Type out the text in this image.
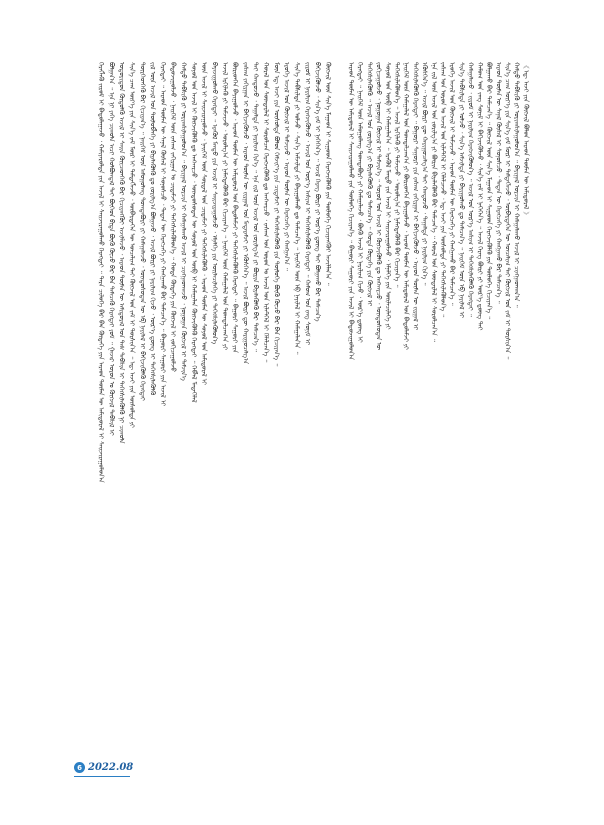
ᠬᠡᠷᠡᠭᠯᠡᠬᠦ ᠵᠢᠷᠤᠮ ᠢ ᠪᠠᠲᠤᠯᠠᠭᠠᠵᠤ ᠂ ᠬᠠᠮᠢᠶᠠᠷᠤᠯᠲᠠ ᠶᠢᠨ ᠠᠵᠢᠯ ᠢ ᠰᠠᠢᠵᠢᠷᠠᠭᠤᠯᠬᠤ ᠬᠡᠷᠡᠭᠲᠡᠢ ᠃ ᠲᠡᠷᠡ ᠴᠢᠯᠦᠭᠡ ᠪᠡᠷ ᠪᠡᠨ ᠬᠦᠳᠡᠭᠡ ᠶᠢᠨ ᠠᠷᠠᠳ ᠲᠦᠮᠡᠨ ᠦ ᠠᠮᠢᠳᠤᠷᠠᠯ ᠢ ᠰᠠᠢᠵᠢᠷᠠᠭᠤᠯᠤᠨ᠎ᠠ ᠪᠣᠯᠭᠠᠨ᠎ᠠ ᠃ ᠡᠨᠡ ᠨᠢ ᠶᠡᠬᠡ ᠴᠢᠬᠤᠯᠠ ᠠᠴᠢ ᠬᠣᠯᠪᠣᠭᠳᠠᠯ ᠲᠠᠢ ᠪᠥᠭᠡᠳ ᠪᠢᠳᠡ ᠪᠦᠬᠦ ᠬᠦᠴᠦ ᠪᠡᠷ ᠪᠡᠨ ᠲᠡᠮᠡᠴᠡᠬᠦ ᠬᠡᠷᠡᠭᠲᠡᠢ ᠶᠤᠮ ᠃ ᠭᠠᠵᠠᠷ ᠤᠷᠤᠨ ᠤ ᠬᠥᠭᠵᠢᠯ ᠳᠡᠪᠰᠢᠯ ᠢ ᠤᠳᠤᠷᠢᠳᠤᠨ ᠬᠥᠲᠦᠯᠬᠦ ᠠᠵᠢᠯ ᠢ ᠰᠠᠢᠨ ᠭᠦᠢᠴᠡᠳᠭᠡᠬᠦ ᠪᠡᠷ ᠬᠢᠴᠢᠶᠡᠩᠭᠦᠢ ᠠᠵᠢᠯᠯᠠᠵᠤ ᠂ ᠠᠷᠠᠳ ᠲᠦᠮᠡᠨ ᠦ ᠠᠮᠢᠳᠤᠷᠠᠯ ᠤᠨ ᠳᠡᠰ ᠲᠡᠪᠰᠢᠨ ᠢ ᠳᠡᠭᠡᠭᠰᠢᠯᠡᠭᠦᠯᠬᠦ ᠨᠢ ᠴᠢᠬᠤᠯᠠ ᠰᠢᠨ᠎ᠡ ᠴᠠᠭ ᠦᠶ᠎ᠡ ᠶᠢᠨ ᠰᠢᠨ᠎ᠡ ᠵᠠᠮ ᠮᠦᠷ ᠢ ᠲᠡᠮᠳᠡᠭᠯᠡᠵᠦ ᠂ ᠥᠪᠡᠷᠲᠡᠭᠡᠨ ᠦ ᠣᠨᠴᠠᠯᠢᠭ ᠲᠠᠢ ᠬᠥᠭᠵᠢᠯ ᠤᠨ ᠵᠠᠮ ᠢ ᠲᠤᠷᠰᠢᠨ᠎ᠠ ᠃ ᠡᠳ᠋ ᠠᠵᠢ ᠶᠢᠨ ᠥᠰᠦᠯᠲᠡ ᠶᠢ ᠲᠦᠷᠭᠡᠳᠬᠡᠬᠦ ᠪᠡᠷ ᠬᠢᠴᠢᠶᠡᠨ᠎ᠡ ᠃ ᠨᠡᠢᠭᠡᠮ ᠦᠨ ᠠᠮᠤᠭᠤᠯᠠᠩ ᠲᠣᠭᠲᠠᠪᠤᠷᠢ ᠶᠢ ᠬᠠᠮᠠᠭᠠᠯᠠᠵᠤ ᠂ ᠦᠨᠳᠦᠰᠦᠲᠡᠨ ᠦ ᠡᠪ ᠨᠡᠶᠢᠯᠡᠯ ᠢ ᠪᠡᠬᠢᠵᠢᠭᠦᠯᠬᠦ ᠬᠡᠷᠡᠭᠲᠡᠢ ᠵᠢᠯ ᠦᠨ ᠠᠵᠢᠯ ᠤᠨ ᠲᠥᠯᠥᠪᠯᠡᠭᠡ ᠶᠢ ᠪᠢᠶᠡᠯᠡᠭᠦᠯᠬᠦ ᠳᠤ ᠵᠣᠷᠢᠯᠭ᠎ᠠ ᠪᠣᠯᠭᠠᠵᠤ ᠂ ᠠᠵᠢᠯ ᠪᠦᠷᠢ ᠶᠢ ᠨᠠᠷᠢᠯᠢᠭ ᠬᠢᠵᠦ ᠂ ᠦᠷ᠎ᠡ ᠳ᠋ᠦᠩ ᠢ ᠳᠡᠭᠡᠭᠰᠢᠯᠡᠭᠦᠯᠬᠦ ᠬᠡᠷᠡᠭᠲᠡᠢ ᠃ ᠠᠷᠠᠳ ᠲᠦᠮᠡᠨ ᠦ ᠰᠠᠨᠠᠯ ᠬᠦᠰᠡᠯ ᠢ ᠰᠣᠨᠣᠰᠴᠤ ᠂ ᠲᠡᠳᠡᠨ ᠦ ᠬᠡᠷᠡᠭᠴᠡᠭᠡ ᠶᠢ ᠬᠠᠩᠭᠠᠬᠤ ᠪᠡᠷ ᠲᠡᠮᠡᠴᠡᠨ᠎ᠡ ᠃ ᠪᠠᠭᠤᠷᠢ ᠰᠠᠭᠤᠷᠢ ᠶᠢᠨ ᠠᠵᠢᠯ ᠢ ᠪᠠᠲᠤᠵᠢᠭᠤᠯᠵᠤ ᠂ ᠨᠡᠢᠭᠡᠮ ᠦᠨ ᠵᠠᠰᠠᠭ ᠵᠠᠬᠢᠷᠭᠠᠨ ᠤ ᠴᠢᠳᠠᠮᠵᠢ ᠶᠢ ᠳᠡᠭᠡᠭᠰᠢᠯᠡᠭᠦᠯᠦᠨ᠎ᠡ ᠃ ᠬᠣᠲᠠ ᠬᠥᠳᠡᠭᠡ ᠶᠢᠨ ᠬᠥᠭᠵᠢᠯ ᠢ ᠵᠣᠬᠢᠴᠠᠭᠤᠯᠵᠤ ᠬᠠᠮᠲᠤ ᠳᠡᠪᠰᠢᠬᠦ ᠶᠢ ᠤᠷᠢᠭᠰᠢᠯᠠᠭᠤᠯᠤᠨ᠎ᠠ ᠃ ᠪᠠᠶᠢᠭᠠᠯ ᠣᠷᠴᠢᠨ ᠢ ᠬᠠᠮᠠᠭᠠᠯᠠᠬᠤ ᠠᠵᠢᠯ ᠢ ᠴᠢᠩᠭᠠᠳᠬᠠᠵᠤ ᠂ ᠨᠣᠭᠣᠭᠠᠨ ᠬᠥᠭᠵᠢᠯ ᠢ ᠳᠡᠮᠵᠢᠨ᠎ᠡ ᠰᠣᠶᠣᠯ ᠤᠨ ᠠᠵᠢᠯ ᠢ ᠬᠥᠭᠵᠢᠭᠦᠯᠬᠦ ᠳᠤ ᠠᠩᠬᠠᠷᠴᠤ ᠂ ᠦᠨᠳᠦᠰᠦᠲᠡᠨ ᠦ ᠰᠣᠶᠣᠯ ᠤᠨ ᠥᠪ ᠢ ᠬᠠᠮᠠᠭᠠᠯᠠᠨ ᠬᠥᠭᠵᠢᠭᠦᠯᠬᠦ ᠬᠡᠷᠡᠭᠲᠡᠢ ᠃ ᠬᠡᠪᠯᠡᠯ ᠮᠡᠳᠡᠭᠡᠯᠡᠯ ᠦᠨ ᠠᠵᠢᠯ ᠢ ᠰᠠᠢᠵᠢᠷᠠᠭᠤᠯᠵᠤ ᠂ ᠨᠡᠢᠭᠡᠮ ᠦᠨ ᠰᠤᠷᠲᠠᠯ ᠤᠨ ᠴᠢᠳᠠᠮᠵᠢ ᠶᠢ ᠳᠡᠭᠡᠭᠰᠢᠯᠡᠭᠦᠯᠬᠦ ᠂ ᠠᠷᠠᠳ ᠲᠦᠮᠡᠨ ᠦ ᠰᠣᠶᠣᠯ ᠤᠨ ᠠᠮᠢᠳᠤᠷᠠᠯ ᠢ ᠪᠠᠶᠠᠵᠢᠭᠤᠯᠬᠤ ᠬᠡᠷᠡᠭᠲᠡᠢ ᠃ ᠡᠷᠡᠭᠦᠯ ᠮᠡᠨᠳᠦ ᠶᠢᠨ ᠠᠵᠢᠯ ᠢ ᠰᠠᠢᠵᠢᠷᠠᠭᠤᠯᠵᠤ ᠂ ᠡᠮᠨᠡᠯᠭᠡ ᠶᠢᠨ ᠦᠢᠯᠡᠴᠢᠯᠡᠭᠡ ᠶᠢ ᠳᠡᠭᠡᠭᠰᠢᠯᠡᠭᠦᠯᠦᠨ᠎ᠡ ᠠᠵᠢᠯ ᠡᠷᠬᠢᠯᠡᠬᠦ ᠶᠢ ᠳᠡᠮᠵᠢᠵᠦ ᠂ ᠣᠷᠣᠯᠭ᠎ᠠ ᠶᠢ ᠨᠡᠮᠡᠭᠳᠡᠭᠦᠯᠬᠦ ᠪᠡᠷ ᠬᠢᠴᠢᠶᠡᠨ᠎ᠡ ᠃ ᠨᠡᠢᠭᠡᠮ ᠦᠨ ᠬᠠᠮᠠᠭᠠᠯᠠᠯ ᠤᠨ ᠲᠣᠭᠲᠠᠯᠴᠠᠭ᠎ᠠ ᠶᠢ ᠪᠦᠷᠢᠳᠬᠡᠨ ᠪᠠᠶᠢᠭᠤᠯᠵᠤ ᠂ ᠠᠷᠠᠳ ᠲᠦᠮᠡᠨ ᠦ ᠠᠮᠢᠳᠤᠷᠠᠯ ᠤᠨ ᠪᠠᠲᠤᠯᠠᠮᠵᠢ ᠶᠢ ᠳᠡᠭᠡᠭᠰᠢᠯᠡᠭᠦᠯᠬᠦ ᠬᠡᠷᠡᠭᠲᠡᠢ ᠃ ᠪᠠᠭᠤᠷᠢ ᠰᠠᠭᠤᠷᠢ ᠶᠢᠨ ᠵᠠᠰᠠᠭ ᠵᠠᠬᠢᠷᠭᠠᠨ ᠢ ᠪᠡᠬᠢᠵᠢᠭᠦᠯᠵᠦ ᠂ ᠠᠷᠠᠳ ᠲᠦᠮᠡᠨ ᠦ ᠵᠢᠷᠭᠠᠯ ᠤᠨ ᠮᠡᠳᠡᠷᠡᠮᠵᠢ ᠶᠢ ᠡᠭᠦᠰᠭᠡᠨ᠎ᠡ ᠃ ᠠᠵᠢᠯ ᠪᠦᠷᠢ ᠳᠦ ᠬᠠᠷᠢᠭᠤᠴᠠᠯᠭ᠎ᠠ ᠲᠠᠢ ᠬᠠᠨᠳᠤᠵᠤ ᠂ ᠳᠠᠭᠠᠯᠲᠠ ᠶᠢ ᠨᠠᠷᠢᠯᠢᠭ ᠬᠢᠨ᠎ᠡ ᠃ ᠡᠨᠡ ᠵᠢᠯ ᠦᠨ ᠠᠵᠢᠯ ᠤᠨ ᠵᠣᠷᠢᠯᠭ᠎ᠠ ᠶᠢ ᠪᠦᠷᠢᠨ ᠪᠢᠶᠡᠯᠡᠭᠦᠯᠬᠦ ᠪᠡᠷ ᠲᠡᠮᠡᠴᠡᠨ᠎ᠡ ᠃ ᠬᠤᠷᠠᠯ ᠤᠨ ᠰᠦᠨᠳᠡᠷᠯᠡᠯ ᠢ ᠰᠤᠷᠤᠯᠴᠠᠨ ᠬᠡᠷᠡᠭᠵᠢᠭᠦᠯᠬᠦ ᠳᠤ ᠠᠩᠬᠠᠷᠴᠤ ᠂ ᠵᠠᠰᠠᠭ ᠤᠨ ᠣᠷᠤᠨ ᠤ ᠠᠵᠢᠯ ᠤᠨ ᠢᠯᠡᠲᠬᠡᠯ ᠢ ᠬᠡᠯᠡᠯᠴᠡᠨ᠎ᠡ ᠃ ᠮᠥᠨ ᠡᠳ᠋ ᠠᠵᠢ ᠶᠢᠨ ᠥᠰᠦᠯᠲᠡ ᠪᠣᠯᠤᠨ ᠬᠡᠮᠵᠢᠶ᠎ᠡ ᠶᠢᠨ ᠴᠢᠳᠠᠮᠵᠢ ᠶᠢ ᠳᠡᠭᠡᠭᠰᠢᠯᠡᠭᠦᠯᠬᠦ ᠶᠢᠨ ᠲᠥᠯᠦᠭᠡ ᠪᠦᠬᠦ ᠬᠦᠴᠦ ᠪᠡᠷ ᠪᠡᠨ ᠬᠢᠴᠢᠶᠡᠨ᠎ᠡ ᠃ ᠡᠷᠦᠬᠡ ᠠᠵᠢᠯ ᠤᠨ ᠬᠥᠭᠵᠢᠯ ᠢ ᠳᠡᠮᠵᠢᠵᠦ ᠂ ᠠᠷᠠᠳ ᠲᠦᠮᠡᠨ ᠦ ᠬᠡᠷᠡᠭᠴᠡᠭᠡ ᠶᠢ ᠬᠠᠩᠭᠠᠨ᠎ᠠ ᠃ ᠰᠢᠨ᠎ᠡ ᠳᠠᠪᠰᠢᠯᠲᠠ ᠶᠢ ᠣᠯᠵᠤ ᠂ ᠰᠢᠨ᠎ᠡ ᠠᠮᠵᠢᠯᠲᠠ ᠶᠢ ᠪᠠᠶᠢᠭᠤᠯᠬᠤ ᠳᠤ ᠲᠡᠮᠡᠴᠡᠨ᠎ᠡ ᠃ ᠨᠡᠢᠭᠡᠮ ᠦᠨ ᠡᠪ ᠨᠡᠶᠢᠯᠡᠯ ᠢ ᠬᠠᠮᠠᠭᠠᠯᠠᠨ᠎ᠠ ᠃ ᠵᠢᠷᠤᠮ ᠢ ᠨᠠᠷᠢᠯᠢᠭ ᠬᠡᠷᠡᠭᠵᠢᠭᠦᠯᠵᠦ ᠂ ᠠᠵᠢᠯ ᠤᠨ ᠦᠷ᠎ᠡ ᠠᠰᠢᠭ ᠢ ᠳᠡᠭᠡᠭᠰᠢᠯᠡᠭᠦᠯᠬᠦ ᠬᠡᠷᠡᠭᠲᠡᠢ ᠃ ᠬᠠᠮᠤᠭ ᠤᠨ ᠵᠠᠩ ᠰᠣᠨᠢᠮ ᠢ ᠪᠡᠬᠢᠵᠢᠭᠦᠯᠵᠦ ᠂ ᠰᠢᠨ᠎ᠡ ᠵᠠᠮ ᠢ ᠨᠡᠭᠡᠭᠡᠨ᠎ᠡ ᠃ ᠠᠵᠢᠯ ᠬᠡᠷᠡᠭ ᠪᠦᠷᠢ ᠶᠢ ᠦᠷ᠎ᠡ ᠳ᠋ᠦᠩ ᠲᠡᠢ ᠪᠣᠯᠭᠠᠬᠤ ᠪᠡᠷ ᠲᠡᠮᠡᠴᠡᠨ᠎ᠡ ᠬᠥᠭᠵᠢᠯ ᠦᠨ ᠰᠢᠨ᠎ᠡ ᠮᠠᠭᠠᠳ ᠢ ᠰᠢᠭᠤᠳ ᠬᠡᠷᠡᠭᠵᠢᠭᠦᠯᠬᠦ ᠶᠢᠨ ᠲᠥᠯᠦᠭᠡ ᠬᠢᠴᠢᠶᠡᠩᠭᠦᠢ ᠠᠵᠢᠯᠯᠠᠨ᠎ᠠ ᠃ ᠠᠷᠠᠳ ᠲᠦᠮᠡᠨ ᠦ ᠠᠮᠢᠳᠤᠷᠠᠯ ᠢ ᠰᠠᠢᠵᠢᠷᠠᠭᠤᠯᠬᠤ ᠶᠢᠨ ᠲᠥᠯᠦᠭᠡ ᠬᠢᠴᠢᠶᠡᠨ᠎ᠡ ᠃ ᠪᠠᠭᠤᠷᠢ ᠰᠠᠭᠤᠷᠢ ᠶᠢᠨ ᠠᠵᠢᠯ ᠢ ᠪᠠᠲᠤᠵᠢᠭᠤᠯᠤᠨ᠎ᠠ ᠬᠡᠷᠡᠭᠲᠡᠢ ᠃ ᠨᠡᠢᠭᠡᠮ ᠦᠨ ᠠᠮᠤᠭᠤᠯᠠᠩ ᠲᠣᠭᠲᠠᠪᠤᠷᠢ ᠶᠢ ᠬᠠᠮᠠᠭᠠᠯᠠᠵᠤ ᠂ ᠪᠦᠬᠦ ᠠᠵᠢᠯ ᠢ ᠨᠠᠷᠢᠯᠢᠭ ᠬᠢᠵᠦ ᠂ ᠦᠷ᠎ᠡ ᠳ᠋ᠦᠩ ᠢ ᠳᠡᠭᠡᠭᠰᠢᠯᠡᠭᠦᠯᠬᠦ ᠃ ᠠᠵᠢᠯ ᠤᠨ ᠵᠣᠷᠢᠯᠭ᠎ᠠ ᠶᠢ ᠪᠢᠶᠡᠯᠡᠭᠦᠯᠬᠦ ᠳᠤ ᠲᠡᠮᠡᠴᠡᠨ᠎ᠡ ᠃ ᠬᠣᠲᠠ ᠬᠥᠳᠡᠭᠡ ᠶᠢᠨ ᠬᠥᠭᠵᠢᠯ ᠢ ᠵᠣᠬᠢᠴᠠᠭᠤᠯᠵᠤ ᠂ ᠨᠣᠭᠣᠭᠠᠨ ᠬᠥᠭᠵᠢᠯ ᠢ ᠳᠡᠮᠵᠢᠨ᠎ᠡ ᠃ ᠰᠣᠶᠣᠯ ᠤᠨ ᠠᠵᠢᠯ ᠢ ᠬᠥᠭᠵᠢᠭᠦᠯᠬᠦ ᠳᠤ ᠠᠩᠬᠠᠷᠴᠤ ᠂ ᠦᠨᠳᠦᠰᠦᠲᠡᠨ ᠦ ᠰᠣᠶᠣᠯ ᠤᠨ ᠥᠪ ᠢ ᠬᠠᠮᠠᠭᠠᠯᠠᠨ᠎ᠠ ᠃ ᠡᠷᠡᠭᠦᠯ ᠮᠡᠨᠳᠦ ᠶᠢᠨ ᠠᠵᠢᠯ ᠢ ᠰᠠᠢᠵᠢᠷᠠᠭᠤᠯᠵᠤ ᠂ ᠡᠮᠨᠡᠯᠭᠡ ᠶᠢᠨ ᠦᠢᠯᠡᠴᠢᠯᠡᠭᠡ ᠶᠢ ᠳᠡᠭᠡᠭᠰᠢᠯᠡᠭᠦᠯᠦᠨ᠎ᠡ ᠃ ᠠᠵᠢᠯ ᠡᠷᠬᠢᠯᠡᠬᠦ ᠶᠢ ᠳᠡᠮᠵᠢᠵᠦ ᠂ ᠣᠷᠣᠯᠭ᠎ᠠ ᠶᠢ ᠨᠡᠮᠡᠭᠳᠡᠭᠦᠯᠬᠦ ᠪᠡᠷ ᠬᠢᠴᠢᠶᠡᠨ᠎ᠡ ᠃ ᠨᠡᠢᠭᠡᠮ ᠦᠨ ᠬᠠᠮᠠᠭᠠᠯᠠᠯ ᠤᠨ ᠲᠣᠭᠲᠠᠯᠴᠠᠭ᠎ᠠ ᠶᠢ ᠪᠦᠷᠢᠳᠬᠡᠨ ᠪᠠᠶᠢᠭᠤᠯᠵᠤ ᠂ ᠠᠷᠠᠳ ᠲᠦᠮᠡᠨ ᠦ ᠠᠮᠢᠳᠤᠷᠠᠯ ᠤᠨ ᠪᠠᠲᠤᠯᠠᠮᠵᠢ ᠶᠢ ᠳᠡᠭᠡᠭᠰᠢᠯᠡᠭᠦᠯᠬᠦ ᠬᠡᠷᠡᠭᠲᠡᠢ ᠃ ᠪᠠᠭᠤᠷᠢ ᠰᠠᠭᠤᠷᠢ ᠶᠢᠨ ᠵᠠᠰᠠᠭ ᠵᠠᠬᠢᠷᠭᠠᠨ ᠢ ᠪᠡᠬᠢᠵᠢᠭᠦᠯᠵᠦ ᠂ ᠠᠷᠠᠳ ᠲᠦᠮᠡᠨ ᠦ ᠵᠢᠷᠭᠠᠯ ᠢ ᠡᠭᠦᠰᠭᠡᠨ᠎ᠡ ᠃ ᠠᠵᠢᠯ ᠪᠦᠷᠢ ᠳᠦ ᠬᠠᠷᠢᠭᠤᠴᠠᠯᠭ᠎ᠠ ᠲᠠᠢ ᠬᠠᠨᠳᠤᠵᠤ ᠂ ᠳᠠᠭᠠᠯᠲᠠ ᠶᠢ ᠨᠠᠷᠢᠯᠢᠭ ᠬᠢᠨ᠎ᠡ ᠃ ᠡᠨᠡ ᠵᠢᠯ ᠦᠨ ᠠᠵᠢᠯ ᠤᠨ ᠵᠣᠷᠢᠯᠭ᠎ᠠ ᠶᠢ ᠪᠦᠷᠢᠨ ᠪᠢᠶᠡᠯᠡᠭᠦᠯᠬᠦ ᠪᠡᠷ ᠲᠡᠮᠡᠴᠡᠨ᠎ᠡ ᠃ ᠬᠤᠷᠠᠯ ᠤᠨ ᠰᠦᠨᠳᠡᠷᠯᠡᠯ ᠢ ᠰᠤᠷᠤᠯᠴᠠᠨ᠎ᠠ ᠃ ᠵᠠᠰᠠᠭ ᠤᠨ ᠣᠷᠤᠨ ᠤ ᠠᠵᠢᠯ ᠤᠨ ᠢᠯᠡᠲᠬᠡᠯ ᠢ ᠬᠡᠯᠡᠯᠴᠡᠵᠦ ᠂ ᠡᠳ᠋ ᠠᠵᠢ ᠶᠢᠨ ᠥᠰᠦᠯᠲᠡ ᠶᠢ ᠳᠡᠭᠡᠭᠰᠢᠯᠡᠭᠦᠯᠦᠨ᠎ᠡ ᠃ ᠡᠷᠦᠬᠡ ᠠᠵᠢᠯ ᠤᠨ ᠬᠥᠭᠵᠢᠯ ᠢ ᠳᠡᠮᠵᠢᠵᠦ ᠂ ᠠᠷᠠᠳ ᠲᠦᠮᠡᠨ ᠦ ᠬᠡᠷᠡᠭᠴᠡᠭᠡ ᠶᠢ ᠬᠠᠩᠭᠠᠬᠤ ᠪᠡᠷ ᠲᠡᠮᠡᠴᠡᠨ᠎ᠡ ᠃ ᠰᠢᠨ᠎ᠡ ᠳᠠᠪᠰᠢᠯᠲᠠ ᠶᠢ ᠣᠯᠵᠤ ᠂ ᠰᠢᠨ᠎ᠡ ᠠᠮᠵᠢᠯᠲᠠ ᠶᠢ ᠪᠠᠶᠢᠭᠤᠯᠬᠤ ᠳᠤ ᠲᠡᠮᠡᠴᠡᠨ᠎ᠡ ᠃ ᠨᠡᠢᠭᠡᠮ ᠦᠨ ᠡᠪ ᠨᠡᠶᠢᠯᠡᠯ ᠢ ᠬᠠᠮᠠᠭᠠᠯᠠᠵᠤ ᠂ ᠵᠢᠷᠤᠮ ᠢ ᠨᠠᠷᠢᠯᠢᠭ ᠬᠡᠷᠡᠭᠵᠢᠭᠦᠯᠦᠨ᠎ᠡ ᠃ ᠠᠵᠢᠯ ᠤᠨ ᠦᠷ᠎ᠡ ᠠᠰᠢᠭ ᠢ ᠳᠡᠭᠡᠭᠰᠢᠯᠡᠭᠦᠯᠬᠦ ᠬᠡᠷᠡᠭᠲᠡᠢ ᠃ ᠬᠠᠮᠤᠭ ᠤᠨ ᠵᠠᠩ ᠰᠣᠨᠢᠮ ᠢ ᠪᠡᠬᠢᠵᠢᠭᠦᠯᠵᠦ ᠂ ᠰᠢᠨ᠎ᠡ ᠵᠠᠮ ᠢ ᠨᠡᠭᠡᠭᠡᠨ᠎ᠡ ᠃ ᠠᠵᠢᠯ ᠬᠡᠷᠡᠭ ᠪᠦᠷᠢ ᠶᠢ ᠦᠷ᠎ᠡ ᠳ᠋ᠦᠩ ᠲᠡᠢ ᠪᠣᠯᠭᠠᠬᠤ ᠪᠡᠷ ᠲᠡᠮᠡᠴᠡᠨ᠎ᠡ ᠃ ᠬᠥᠭᠵᠢᠯ ᠦᠨ ᠰᠢᠨ᠎ᠡ ᠮᠠᠭᠠᠳ ᠢ ᠰᠢᠭᠤᠳ ᠬᠡᠷᠡᠭᠵᠢᠭᠦᠯᠬᠦ ᠶᠢᠨ ᠲᠥᠯᠦᠭᠡ ᠬᠢᠴᠢᠶᠡᠨ᠎ᠡ ᠃ ᠠᠷᠠᠳ ᠲᠦᠮᠡᠨ ᠦ ᠰᠠᠨᠠᠯ ᠬᠦᠰᠡᠯ ᠢ ᠰᠣᠨᠣᠰᠴᠤ ᠂ ᠲᠡᠳᠡᠨ ᠦ ᠬᠡᠷᠡᠭᠴᠡᠭᠡ ᠶᠢ ᠬᠠᠩᠭᠠᠬᠤ ᠪᠡᠷ ᠲᠡᠮᠡᠴᠡᠨ᠎ᠡ ᠃ ᠰᠢᠨ᠎ᠡ ᠴᠠᠭ ᠦᠶ᠎ᠡ ᠶᠢᠨ ᠰᠢᠨ᠎ᠡ ᠵᠠᠮ ᠮᠦᠷ ᠢ ᠲᠡᠮᠳᠡᠭᠯᠡᠵᠦ ᠂ ᠥᠪᠡᠷᠲᠡᠭᠡᠨ ᠦ ᠣᠨᠴᠠᠯᠢᠭ ᠲᠠᠢ ᠬᠥᠭᠵᠢᠯ ᠤᠨ ᠵᠠᠮ ᠢ ᠲᠤᠷᠰᠢᠨ᠎ᠠ ᠃ ᠬᠠᠮᠲᠤ ᠳᠡᠪᠰᠢᠬᠦ ᠶᠢ ᠤᠷᠢᠭᠰᠢᠯᠠᠭᠤᠯᠤᠨ᠎ᠠ ᠃ ᠪᠠᠶᠢᠭᠠᠯ ᠣᠷᠴᠢᠨ ᠢ ᠬᠠᠮᠠᠭᠠᠯᠠᠬᠤ ᠠᠵᠢᠯ ᠢ ᠴᠢᠩᠭᠠᠳᠬᠠᠨ᠎ᠠ ᠃ 《 ᠡᠳ᠋ ᠠᠵᠢ ᠶᠢᠨ ᠬᠥᠭᠵᠢᠯ ᠪᠣᠯᠤᠨ ᠠᠷᠠᠳ ᠲᠦᠮᠡᠨ ᠦ ᠠᠮᠢᠳᠤᠷᠠᠯ 》
6 2022.08
